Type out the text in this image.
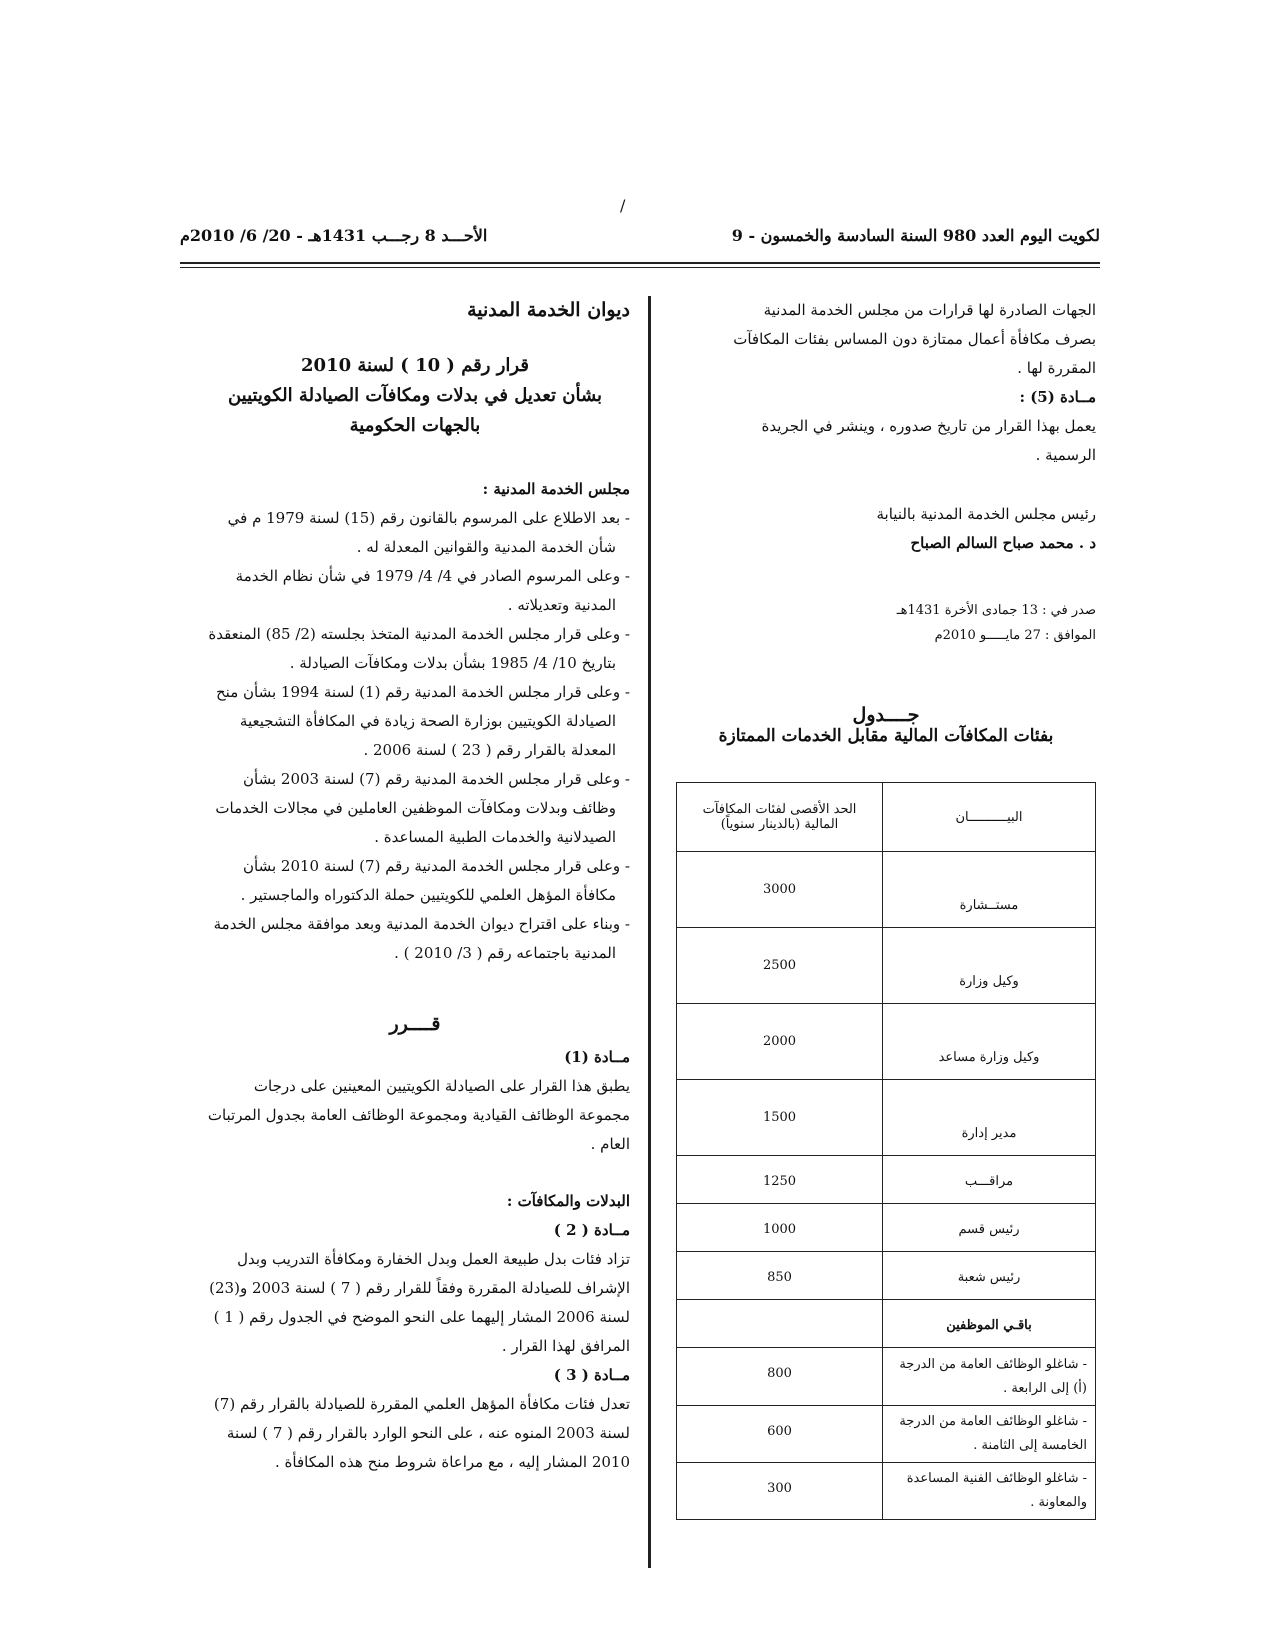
/
لكويت اليوم العدد 980 السنة السادسة والخمسون - 9
الأحـــد 8 رجـــب 1431هـ - 20/ 6/ 2010م

ديوان الخدمة المدنية

قرار رقم ( 10 ) لسنة 2010

بشأن تعديل في بدلات ومكافآت الصيادلة الكويتيين

بالجهات الحكومية

مجلس الخدمة المدنية :

- بعد الاطلاع على المرسوم بالقانون رقم (15) لسنة 1979 م في شأن الخدمة المدنية والقوانين المعدلة له .

- وعلى المرسوم الصادر في 4/ 4/ 1979 في شأن نظام الخدمة المدنية وتعديلاته .

- وعلى قرار مجلس الخدمة المدنية المتخذ بجلسته (2/ 85) المنعقدة بتاريخ 10/ 4/ 1985 بشأن بدلات ومكافآت الصيادلة .

- وعلى قرار مجلس الخدمة المدنية رقم (1) لسنة 1994 بشأن منح الصيادلة الكويتيين بوزارة الصحة زيادة في المكافأة التشجيعية المعدلة بالقرار رقم ( 23 ) لسنة 2006 .

- وعلى قرار مجلس الخدمة المدنية رقم (7) لسنة 2003 بشأن وظائف وبدلات ومكافآت الموظفين العاملين في مجالات الخدمات الصيدلانية والخدمات الطبية المساعدة .

- وعلى قرار مجلس الخدمة المدنية رقم (7) لسنة 2010 بشأن مكافأة المؤهل العلمي للكويتيين حملة الدكتوراه والماجستير .

- وبناء على اقتراح ديوان الخدمة المدنية وبعد موافقة مجلس الخدمة المدنية باجتماعه رقم ( 3/ 2010 ) .

قــــرر

مــادة (1)

يطبق هذا القرار على الصيادلة الكويتيين المعينين على درجات مجموعة الوظائف القيادية ومجموعة الوظائف العامة بجدول المرتبات العام .

البدلات والمكافآت :

مــادة ( 2 )

تزاد فئات بدل طبيعة العمل وبدل الخفارة ومكافأة التدريب وبدل الإشراف للصيادلة المقررة وفقاً للقرار رقم ( 7 ) لسنة 2003 و(23) لسنة 2006 المشار إليهما على النحو الموضح في الجدول رقم ( 1 ) المرافق لهذا القرار .

مــادة ( 3 )

تعدل فئات مكافأة المؤهل العلمي المقررة للصيادلة بالقرار رقم (7) لسنة 2003 المنوه عنه ، على النحو الوارد بالقرار رقم ( 7 ) لسنة 2010 المشار إليه ، مع مراعاة شروط منح هذه المكافأة .

الجهات الصادرة لها قرارات من مجلس الخدمة المدنية

بصرف مكافأة أعمال ممتازة دون المساس بفئات المكافآت

المقررة لها .

مــادة (5) :

يعمل بهذا القرار من تاريخ صدوره ، وينشر في الجريدة

الرسمية .

رئيس مجلس الخدمة المدنية بالنيابة

د . محمد صباح السالم الصباح

صدر في : 13 جمادى الأخرة 1431هـ

الموافق : 27 مايـــــو 2010م

جــــدول
بفئات المكافآت المالية مقابل الخدمات الممتازة
البيــــــــــان	الحد الأقصى لفئات المكافآت المالية (بالدينار سنوياً)
مستــشارة	3000
وكيل وزارة	2500
وكيل وزارة مساعد	2000
مدير إدارة	1500
مراقـــب	1250
رئيس قسم	1000
رئيس شعبة	850
باقـي الموظفين	
- شاغلو الوظائف العامة من الدرجة (أ) إلى الرابعة .	800
- شاغلو الوظائف العامة من الدرجة الخامسة إلى الثامنة .	600
- شاغلو الوظائف الفنية المساعدة والمعاونة .	300
